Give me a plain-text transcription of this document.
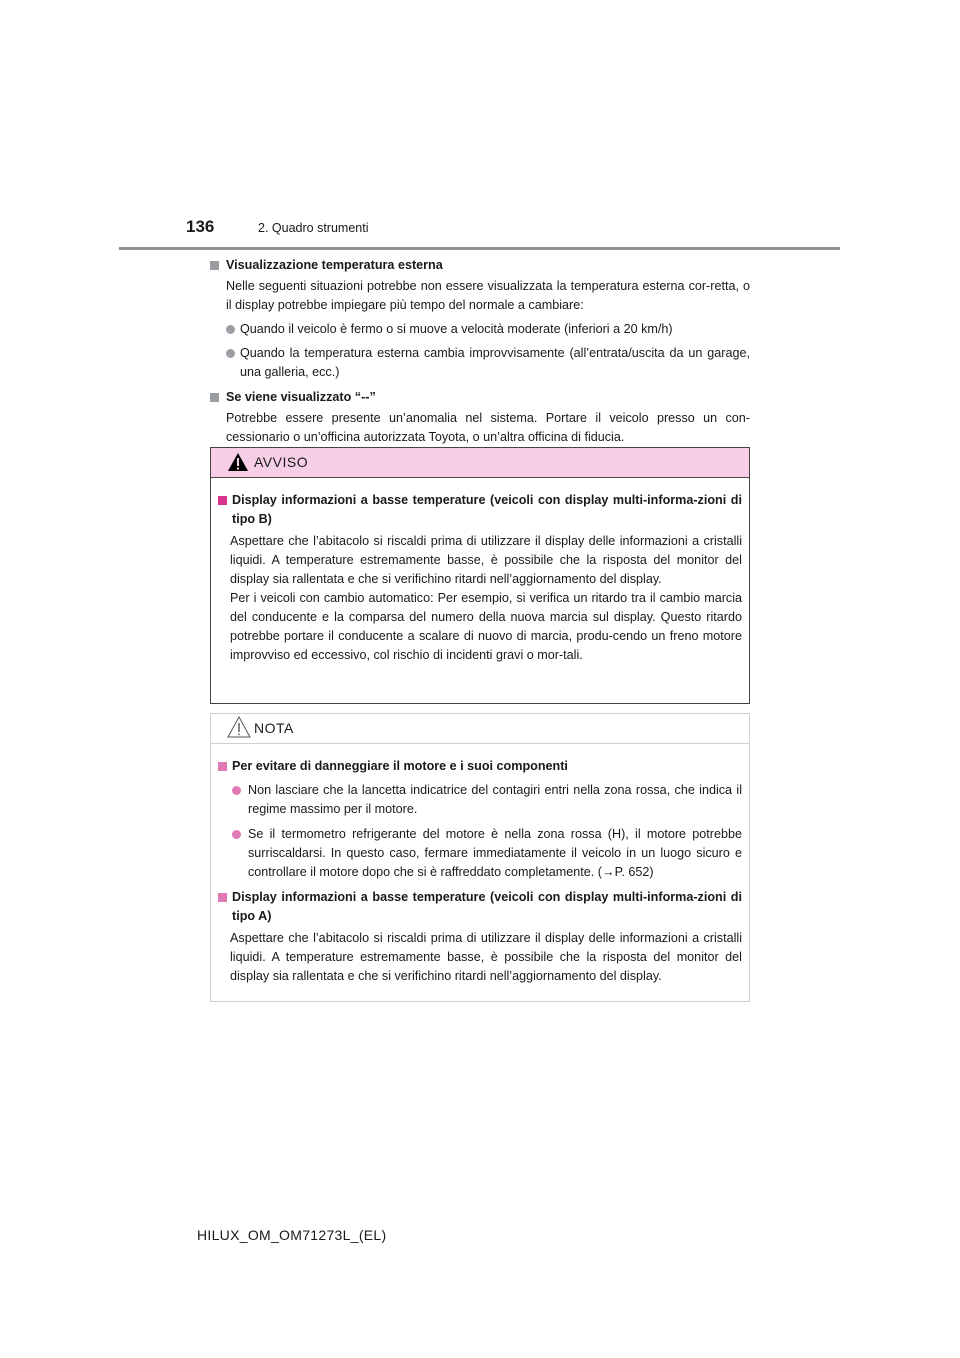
136	2. Quadro strumenti

Visualizzazione temperatura esterna

Nelle seguenti situazioni potrebbe non essere visualizzata la temperatura esterna cor-retta, o il display potrebbe impiegare più tempo del normale a cambiare:

Quando il veicolo è fermo o si muove a velocità moderate (inferiori a 20 km/h)
Quando la temperatura esterna cambia improvvisamente (all’entrata/uscita da un garage, una galleria, ecc.)

Se viene visualizzato “--”

Potrebbe essere presente un’anomalia nel sistema. Portare il veicolo presso un con-cessionario o un’officina autorizzata Toyota, o un’altra officina di fiducia.

AVVISO

Display informazioni a basse temperature (veicoli con display multi-informa-zioni di tipo B)

Aspettare che l’abitacolo si riscaldi prima di utilizzare il display delle informazioni a cristalli liquidi. A temperature estremamente basse, è possibile che la risposta del monitor del display sia rallentata e che si verifichino ritardi nell’aggiornamento del display.

Per i veicoli con cambio automatico: Per esempio, si verifica un ritardo tra il cambio marcia del conducente e la comparsa del numero della nuova marcia sul display. Questo ritardo potrebbe portare il conducente a scalare di nuovo di marcia, produ-cendo un freno motore improvviso ed eccessivo, col rischio di incidenti gravi o mor-tali.

NOTA

Per evitare di danneggiare il motore e i suoi componenti

Non lasciare che la lancetta indicatrice del contagiri entri nella zona rossa, che indica il regime massimo per il motore.
Se il termometro refrigerante del motore è nella zona rossa (H), il motore potrebbe surriscaldarsi. In questo caso, fermare immediatamente il veicolo in un luogo sicuro e controllare il motore dopo che si è raffreddato completamente. (→P. 652)

Display informazioni a basse temperature (veicoli con display multi-informa-zioni di tipo A)

Aspettare che l’abitacolo si riscaldi prima di utilizzare il display delle informazioni a cristalli liquidi. A temperature estremamente basse, è possibile che la risposta del monitor del display sia rallentata e che si verifichino ritardi nell’aggiornamento del display.

HILUX_OM_OM71273L_(EL)
